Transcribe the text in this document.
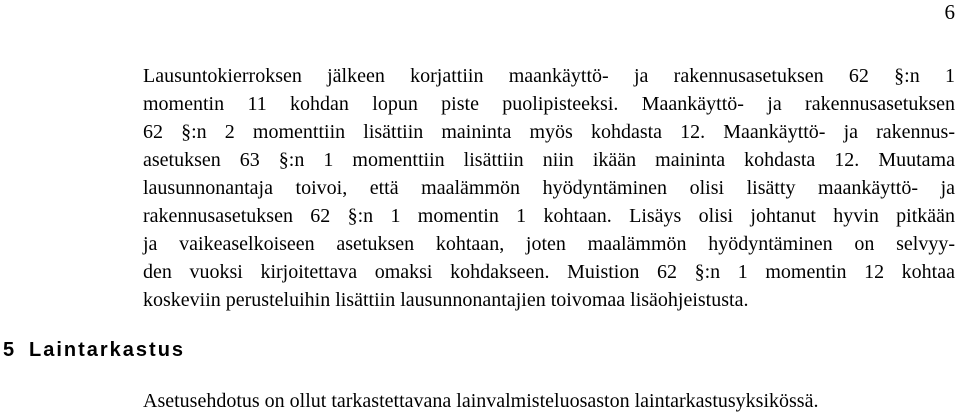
6
Lausuntokierroksen jälkeen korjattiin maankäyttö- ja rakennusasetuksen 62 §:n 1
momentin 11 kohdan lopun piste puolipisteeksi. Maankäyttö- ja rakennusasetuksen
62 §:n 2 momenttiin lisättiin maininta myös kohdasta 12. Maankäyttö- ja rakennus-
asetuksen 63 §:n 1 momenttiin lisättiin niin ikään maininta kohdasta 12. Muutama
lausunnonantaja toivoi, että maalämmön hyödyntäminen olisi lisätty maankäyttö- ja
rakennusasetuksen 62 §:n 1 momentin 1 kohtaan. Lisäys olisi johtanut hyvin pitkään
ja vaikeaselkoiseen asetuksen kohtaan, joten maalämmön hyödyntäminen on selvyy-
den vuoksi kirjoitettava omaksi kohdakseen. Muistion 62 §:n 1 momentin 12 kohtaa
koskeviin perusteluihin lisättiin lausunnonantajien toivomaa lisäohjeistusta.
5 Laintarkastus

Asetusehdotus on ollut tarkastettavana lainvalmisteluosaston laintarkastusyksikössä.
